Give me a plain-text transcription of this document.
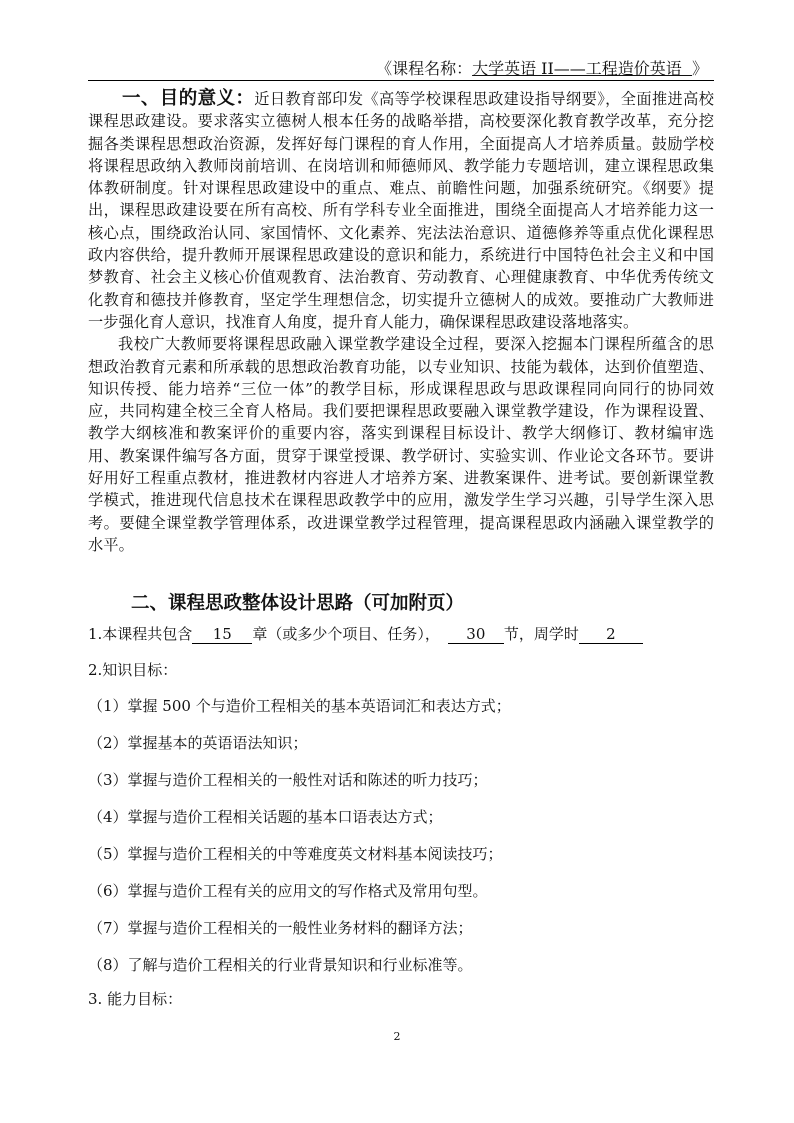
《课程名称：大学英语 II——工程造价英语  》

一、目的意义：近日教育部印发《高等学校课程思政建设指导纲要》，全面推进高校课程思政建设。要求落实立德树人根本任务的战略举措，高校要深化教育教学改革，充分挖掘各类课程思想政治资源，发挥好每门课程的育人作用，全面提高人才培养质量。鼓励学校将课程思政纳入教师岗前培训、在岗培训和师德师风、教学能力专题培训，建立课程思政集体教研制度。针对课程思政建设中的重点、难点、前瞻性问题，加强系统研究。《纲要》提出，课程思政建设要在所有高校、所有学科专业全面推进，围绕全面提高人才培养能力这一核心点，围绕政治认同、家国情怀、文化素养、宪法法治意识、道德修养等重点优化课程思政内容供给，提升教师开展课程思政建设的意识和能力，系统进行中国特色社会主义和中国梦教育、社会主义核心价值观教育、法治教育、劳动教育、心理健康教育、中华优秀传统文化教育和德技并修教育，坚定学生理想信念，切实提升立德树人的成效。要推动广大教师进一步强化育人意识，找准育人角度，提升育人能力，确保课程思政建设落地落实。

我校广大教师要将课程思政融入课堂教学建设全过程，要深入挖掘本门课程所蕴含的思想政治教育元素和所承载的思想政治教育功能，以专业知识、技能为载体，达到价值塑造、知识传授、能力培养“三位一体”的教学目标，形成课程思政与思政课程同向同行的协同效应，共同构建全校三全育人格局。我们要把课程思政要融入课堂教学建设，作为课程设置、教学大纲核准和教案评价的重要内容，落实到课程目标设计、教学大纲修订、教材编审选用、教案课件编写各方面，贯穿于课堂授课、教学研讨、实验实训、作业论文各环节。要讲好用好工程重点教材，推进教材内容进人才培养方案、进教案课件、进考试。要创新课堂教学模式，推进现代信息技术在课程思政教学中的应用，激发学生学习兴趣，引导学生深入思考。要健全课堂教学管理体系，改进课堂教学过程管理，提高课程思政内涵融入课堂教学的水平。

二、课程思政整体设计思路（可加附页）
1.本课程共包含 15 章（或多少个项目、任务）， 30 节，周学时 2
2.知识目标：
（1）掌握 500 个与造价工程相关的基本英语词汇和表达方式；
（2）掌握基本的英语语法知识；
（3）掌握与造价工程相关的一般性对话和陈述的听力技巧；
（4）掌握与造价工程相关话题的基本口语表达方式；
（5）掌握与造价工程相关的中等难度英文材料基本阅读技巧；
（6）掌握与造价工程有关的应用文的写作格式及常用句型。
（7）掌握与造价工程相关的一般性业务材料的翻译方法；
（8）了解与造价工程相关的行业背景知识和行业标准等。
3. 能力目标：
2
